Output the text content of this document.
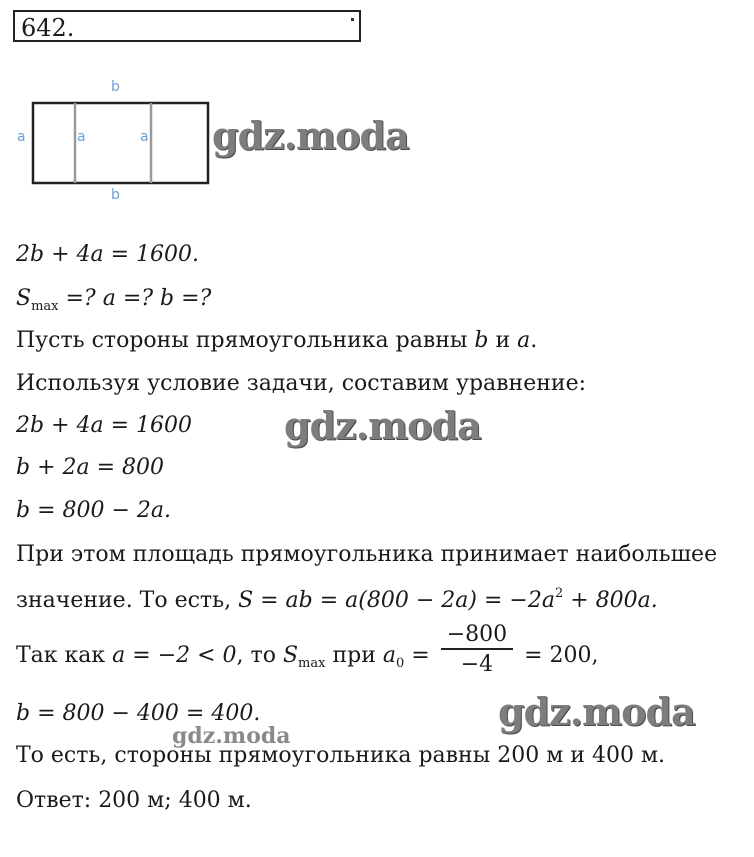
642.
b
b
a	a	a gdz.moda
gdz.moda
gdz.moda
gdz.moda
2b + 4a = 1600.
$S_{max}$ =? a =? b =?
Пусть стороны прямоугольника равны b и a.
Используя условие задачи, составим уравнение:
2b + 4a = 1600
b + 2a = 800
b = 800 − 2a.
При этом площадь прямоугольника принимает наибольшее
значение. То есть, S = ab = $a(800 - 2a) = -2a^2 + 800a$.
Так как a = −2 < 0, то $S_{max}$ при $a_0 = \frac{-800}{-4} = 200$,
b = 800 − 400 = 400.
То есть, стороны прямоугольника равны 200 м и 400 м.
Ответ: 200 м; 400 м.
